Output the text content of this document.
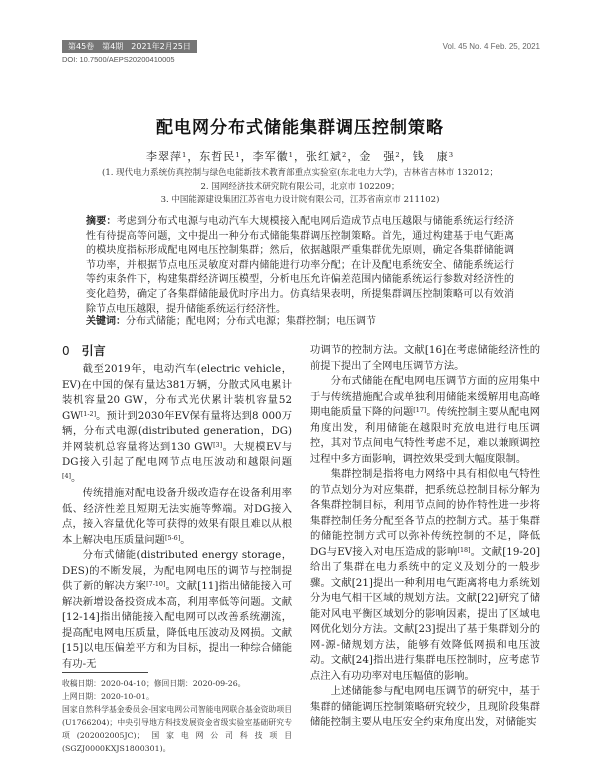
第45卷　第4期　2021年2月25日	Vol. 45 No. 4 Feb. 25, 2021
DOI: 10.7500/AEPS20200410005
配电网分布式储能集群调压控制策略
李翠萍$^1$，东哲民$^1$，李军徽$^1$，张红斌$^2$，金　强$^2$，钱　康$^3$
(1. 现代电力系统仿真控制与绿色电能新技术教育部重点实验室(东北电力大学)，吉林省吉林市 132012；
2. 国网经济技术研究院有限公司，北京市 102209；
3. 中国能源建设集团江苏省电力设计院有限公司，江苏省南京市 211102)

摘要：考虑到分布式电源与电动汽车大规模接入配电网后造成节点电压越限与储能系统运行经济性有待提高等问题，文中提出一种分布式储能集群调压控制策略。首先，通过构建基于电气距离的模块度指标形成配电网电压控制集群；然后，依据越限严重集群优先原则，确定各集群储能调节功率，并根据节点电压灵敏度对群内储能进行功率分配；在计及配电系统安全、储能系统运行等约束条件下，构建集群经济调压模型，分析电压允许偏差范围内储能系统运行参数对经济性的变化趋势，确定了各集群储能最优时序出力。仿真结果表明，所提集群调压控制策略可以有效消除节点电压越限，提升储能系统运行经济性。

关键词：分布式储能；配电网；分布式电源；集群控制；电压调节

0 引言

截至2019年，电动汽车(electric vehicle，EV)在中国的保有量达381万辆，分散式风电累计装机容量20 GW，分布式光伏累计装机容量52 GW[1-2]。预计到2030年EV保有量将达到8 000万辆，分布式电源(distributed generation，DG)并网装机总容量将达到130 GW[3]。大规模EV与DG接入引起了配电网节点电压波动和越限问题[4]。

传统措施对配电设备升级改造存在设备利用率低、经济性差且短期无法实施等弊端。对DG接入点，接入容量优化等可获得的效果有限且难以从根本上解决电压质量问题[5-6]。

分布式储能(distributed energy storage，DES)的不断发展，为配电网电压的调节与控制提供了新的解决方案[7-10]。文献[11]指出储能接入可解决新增设备投资成本高，利用率低等问题。文献[12-14]指出储能接入配电网可以改善系统潮流，提高配电网电压质量，降低电压波动及网损。文献[15]以电压偏差平方和为目标，提出一种综合储能有功-无

收稿日期：2020-04-10；修回日期：2020-09-26。

上网日期：2020-10-01。

国家自然科学基金委员会-国家电网公司智能电网联合基金资助项目(U1766204)；中央引导地方科技发展资金省级实验室基础研究专项(202002005JC)；国家电网公司科技项目(SGZJ0000KXJS1800301)。

功调节的控制方法。文献[16]在考虑储能经济性的前提下提出了全网电压调节方法。

分布式储能在配电网电压调节方面的应用集中于与传统措施配合或单独利用储能来缓解用电高峰期电能质量下降的问题[17]。传统控制主要从配电网角度出发，利用储能在越限时充放电进行电压调控，其对节点间电气特性考虑不足，难以兼顾调控过程中多方面影响，调控效果受到大幅度限制。

集群控制是指将电力网络中具有相似电气特性的节点划分为对应集群，把系统总控制目标分解为各集群控制目标，利用节点间的协作特性进一步将集群控制任务分配至各节点的控制方式。基于集群的储能控制方式可以弥补传统控制的不足，降低DG与EV接入对电压造成的影响[18]。文献[19-20]给出了集群在电力系统中的定义及划分的一般步骤。文献[21]提出一种利用电气距离将电力系统划分为电气相干区域的规划方法。文献[22]研究了储能对风电平衡区域划分的影响因素，提出了区域电网优化划分方法。文献[23]提出了基于集群划分的网-源-储规划方法，能够有效降低网损和电压波动。文献[24]指出进行集群电压控制时，应考虑节点注入有功功率对电压幅值的影响。

上述储能参与配电网电压调节的研究中，基于集群的储能调压控制策略研究较少，且现阶段集群储能控制主要从电压安全约束角度出发，对储能实
